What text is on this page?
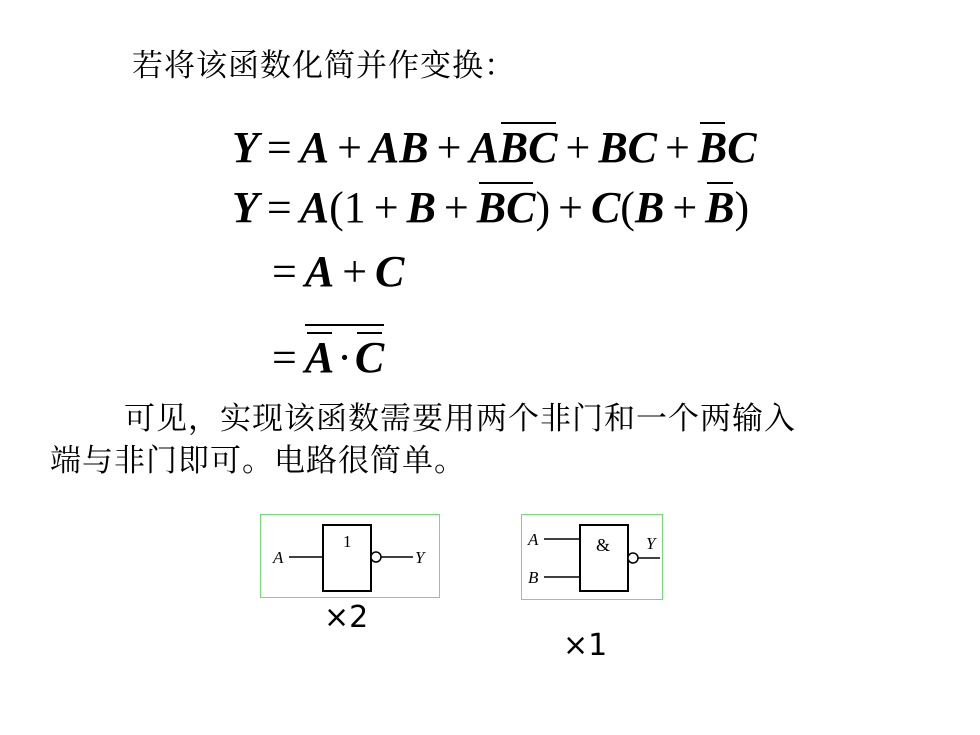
若将该函数化简并作变换：
Y = A + AB + ABC + BC + BC
Y = A(1 + B + BC) + C(B + B)
= A + C
= A·C
可见，实现该函数需要用两个非门和一个两输入
端与非门即可。电路很简单。
A
1
Y
×2
A
B
& Y
×1
